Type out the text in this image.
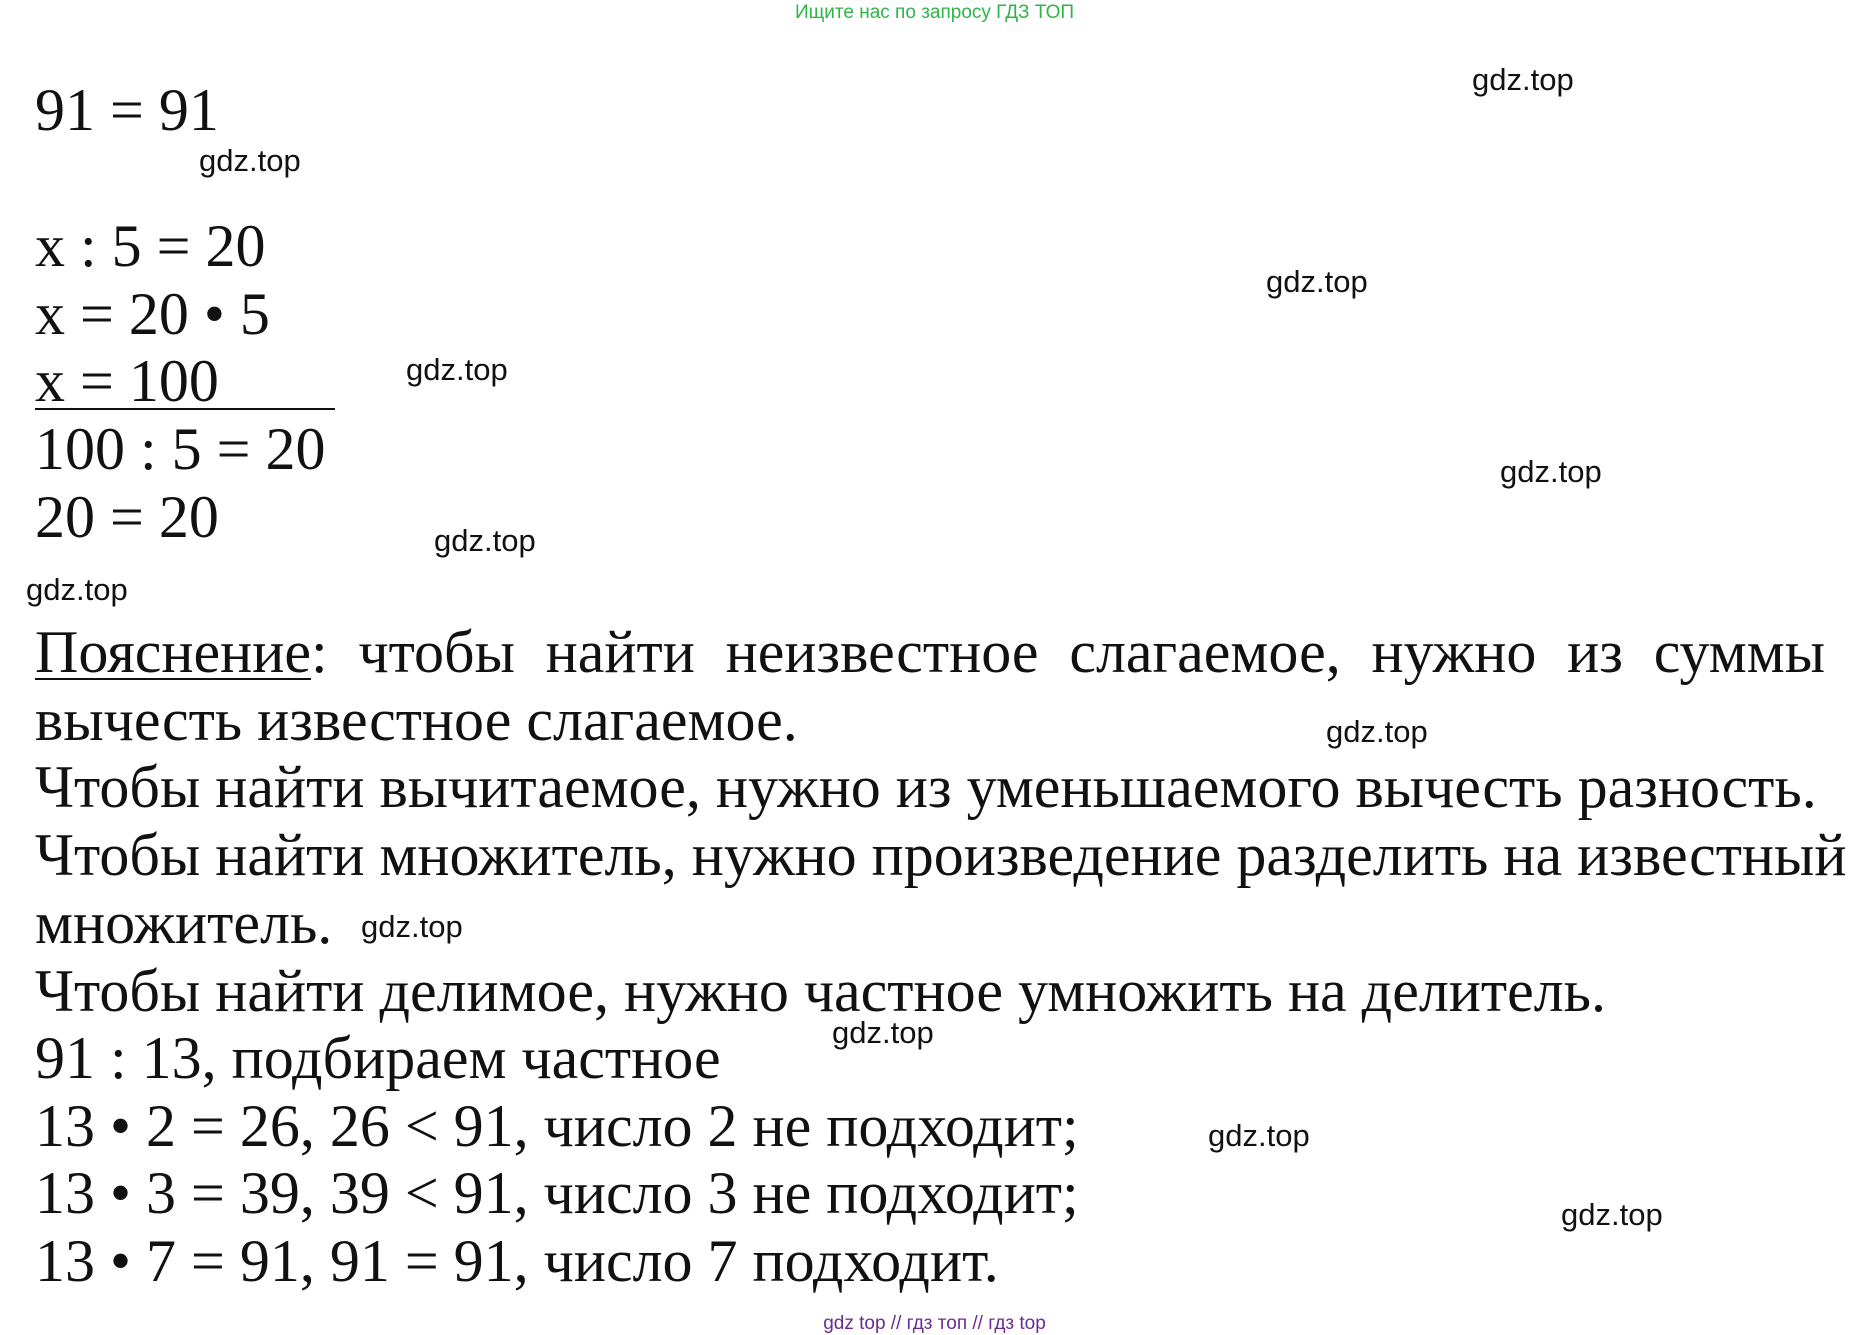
Ищите нас по запросу ГДЗ ТОП
91 = 91
x : 5 = 20
x = 20 • 5
x = 100
100 : 5 = 20
20 = 20
Пояснение: чтобы найти неизвестное слагаемое, нужно из суммы
вычесть известное слагаемое.
Чтобы найти вычитаемое, нужно из уменьшаемого вычесть разность.
Чтобы найти множитель, нужно произведение разделить на известный
множитель.
Чтобы найти делимое, нужно частное умножить на делитель.
91 : 13, подбираем частное
13 • 2 = 26, 26 < 91, число 2 не подходит;
13 • 3 = 39, 39 < 91, число 3 не подходит;
13 • 7 = 91, 91 = 91, число 7 подходит.
gdz.top
gdz.top
gdz.top
gdz.top
gdz.top
gdz.top
gdz.top
gdz.top
gdz.top
gdz.top
gdz.top
gdz.top
gdz top // гдз топ // гдз top
